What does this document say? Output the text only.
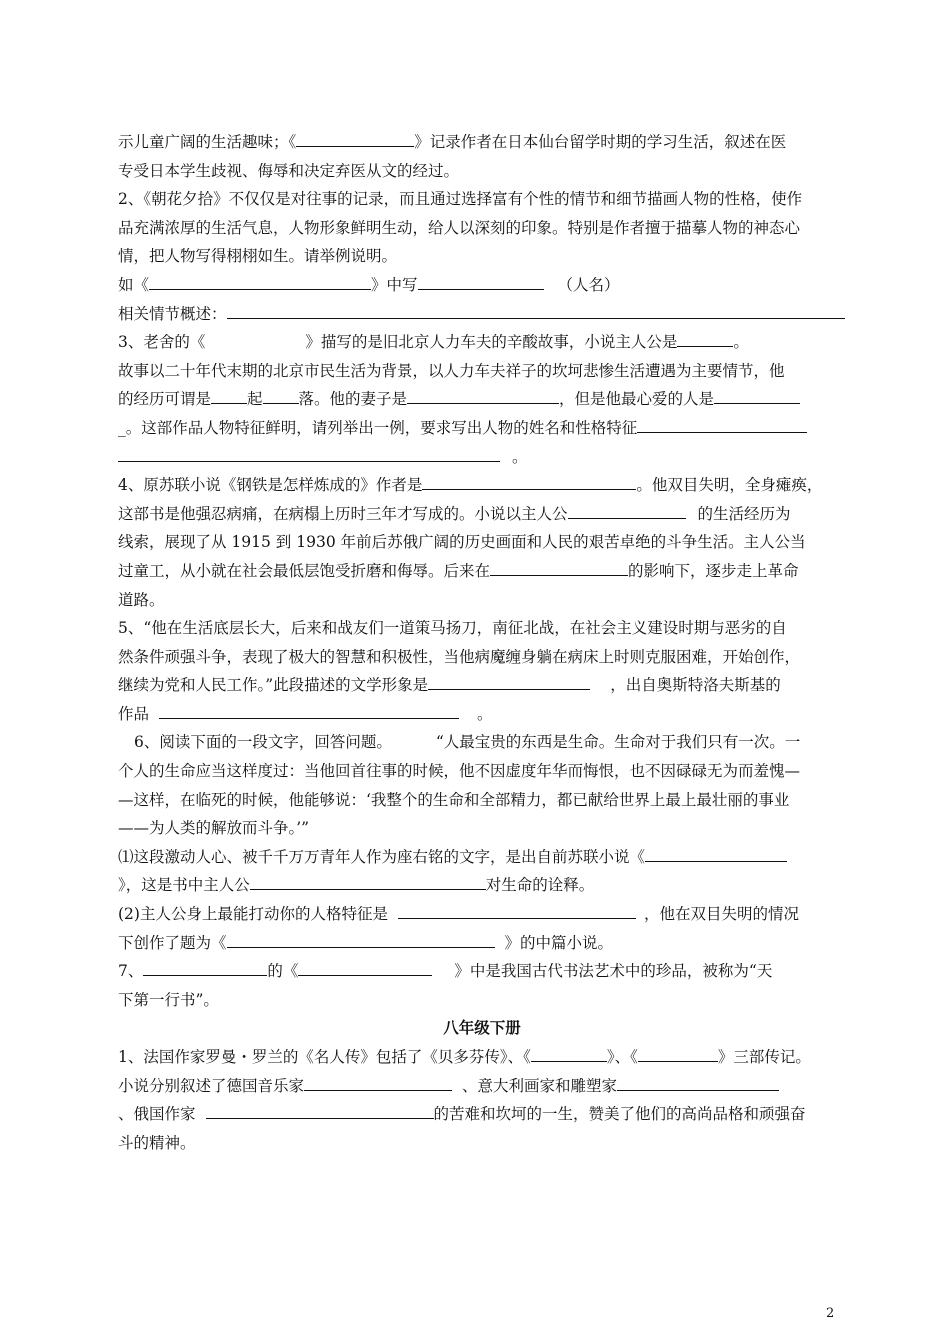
示儿童广阔的生活趣味；《	》记录作者在日本仙台留学时期的学习生活，叙述在医
专受日本学生歧视、侮辱和决定弃医从文的经过。
2、《朝花夕拾》不仅仅是对往事的记录，而且通过选择富有个性的情节和细节描画人物的性格，使作
品充满浓厚的生活气息，人物形象鲜明生动，给人以深刻的印象。特别是作者擅于描摹人物的神态心
情，把人物写得栩栩如生。请举例说明。
如《	》中写	（人名）
相关情节概述：
3、老舍的《	》描写的是旧北京人力车夫的辛酸故事，小说主人公是	。
故事以二十年代末期的北京市民生活为背景，以人力车夫祥子的坎坷悲惨生活遭遇为主要情节，他
的经历可谓是 起 落。他的妻子是	，但是他最心爱的人是
_。这部作品人物特征鲜明，请列举出一例，要求写出人物的姓名和性格特征
。
4、原苏联小说《钢铁是怎样炼成的》作者是	。他双目失明，全身瘫痪，
这部书是他强忍病痛，在病榻上历时三年才写成的。小说以主人公	的生活经历为
线索，展现了从 1915 到 1930 年前后苏俄广阔的历史画面和人民的艰苦卓绝的斗争生活。主人公当
过童工，从小就在社会最低层饱受折磨和侮辱。后来在	的影响下，逐步走上革命
道路。
5、“他在生活底层长大，后来和战友们一道策马扬刀，南征北战，在社会主义建设时期与恶劣的自
然条件顽强斗争，表现了极大的智慧和积极性，当他病魔缠身躺在病床上时则克服困难，开始创作，
继续为党和人民工作。”此段描述的文学形象是	，出自奥斯特洛夫斯基的
作品	。
6、阅读下面的一段文字，回答问题。	“人最宝贵的东西是生命。生命对于我们只有一次。一
个人的生命应当这样度过：当他回首往事的时候，他不因虚度年华而悔恨，也不因碌碌无为而羞愧—
—这样，在临死的时候，他能够说：‘我整个的生命和全部精力，都已献给世界上最上最壮丽的事业
——为人类的解放而斗争。’”
⑴这段激动人心、被千千万万青年人作为座右铭的文字，是出自前苏联小说《
》，这是书中主人公	对生命的诠释。
(2)主人公身上最能打动你的人格特征是	，他在双目失明的情况
下创作了题为《	》的中篇小说。
7、	的《	》中是我国古代书法艺术中的珍品，被称为“天
下第一行书”。
八年级下册
1、法国作家罗曼・罗兰的《名人传》包括了《贝多芬传》、《	》、《	》三部传记。
小说分别叙述了德国音乐家	、意大利画家和雕塑家
、俄国作家	的苦难和坎坷的一生，赞美了他们的高尚品格和顽强奋
斗的精神。
2
